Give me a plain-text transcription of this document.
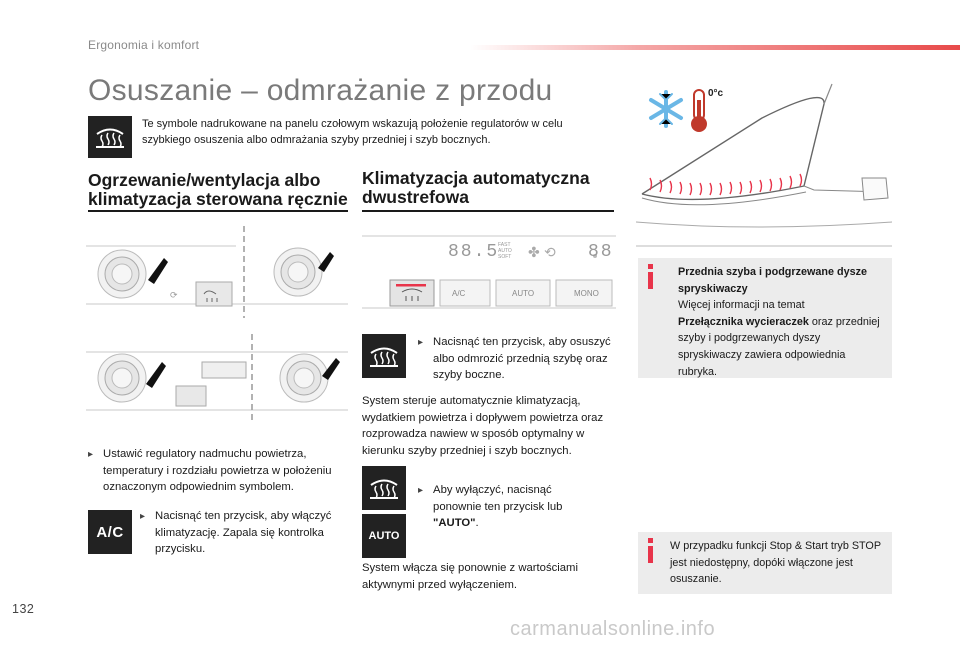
Ergonomia i komfort
Osuszanie – odmrażanie z przodu
Te symbole nadrukowane na panelu czołowym wskazują położenie regulatorów w celu szybkiego osuszenia albo odmrażania szyby przedniej i szyb bocznych.
Ogrzewanie/wentylacja albo klimatyzacja sterowana ręcznie
⟳
▸ Ustawić regulatory nadmuchu powietrza, temperatury i rozdziału powietrza w położeniu oznaczonym odpowiednim symbolem.
A/C
▸ Nacisnąć ten przycisk, aby włączyć klimatyzację. Zapala się kontrolka przycisku.
Klimatyzacja automatyczna dwustrefowa
88.5
FAST AUTO SOFT	✤ ⟲ 88
A/C	AUTO	MONO
▸ Nacisnąć ten przycisk, aby osuszyć albo odmrozić przednią szybę oraz szyby boczne.
System steruje automatycznie klimatyzacją, wydatkiem powietrza i dopływem powietrza oraz rozprowadza nawiew w sposób optymalny w kierunku szyby przedniej i szyb bocznych.
AUTO
▸ Aby wyłączyć, nacisnąć ponownie ten przycisk lub "AUTO".
System włącza się ponownie z wartościami aktywnymi przed wyłączeniem.
0°c
Przednia szyba i podgrzewane dysze spryskiwaczy
Więcej informacji na temat
Przełącznika wycieraczek oraz przedniej szyby i podgrzewanych dyszy spryskiwaczy zawiera odpowiednia rubryka.
W przypadku funkcji Stop & Start tryb STOP jest niedostępny, dopóki włączone jest osuszanie.
132
carmanualsonline.info
